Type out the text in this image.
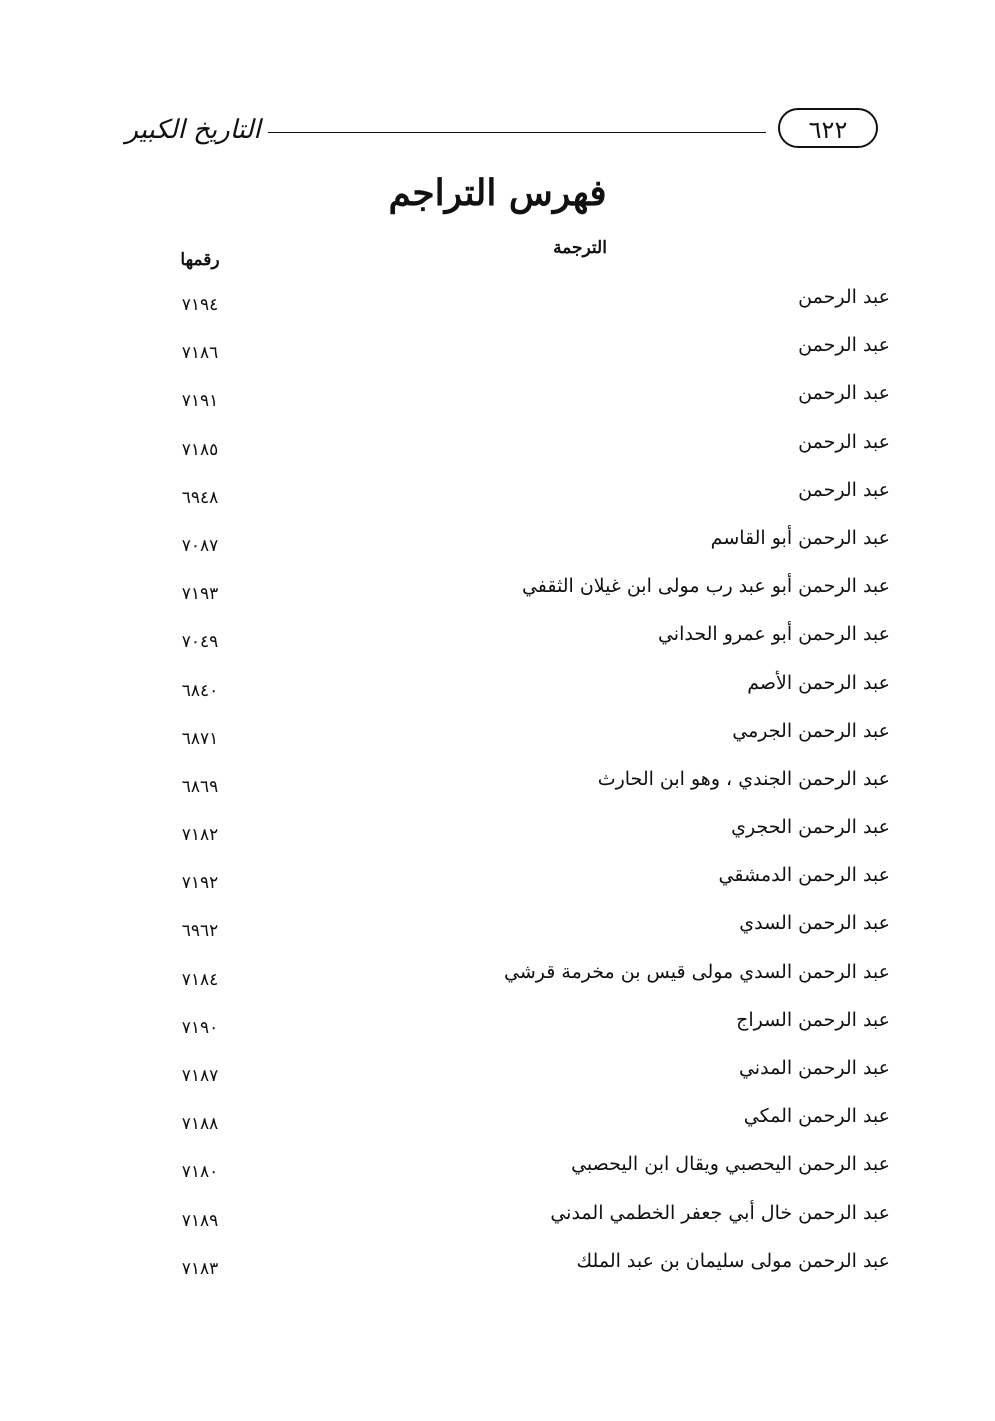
التاريخ الكبير	٦٢٢
فهرس التراجم
الترجمة
رقمها
عبد الرحمن
٧١٩٤
عبد الرحمن
٧١٨٦
عبد الرحمن
٧١٩١
عبد الرحمن
٧١٨٥
عبد الرحمن
٦٩٤٨
عبد الرحمن أبو القاسم
٧٠٨٧
عبد الرحمن أبو عبد رب مولى ابن غيلان الثقفي
٧١٩٣
عبد الرحمن أبو عمرو الحداني
٧٠٤٩
عبد الرحمن الأصم
٦٨٤٠
عبد الرحمن الجرمي
٦٨٧١
عبد الرحمن الجندي ، وهو ابن الحارث
٦٨٦٩
عبد الرحمن الحجري
٧١٨٢
عبد الرحمن الدمشقي
٧١٩٢
عبد الرحمن السدي
٦٩٦٢
عبد الرحمن السدي مولى قيس بن مخرمة قرشي
٧١٨٤
عبد الرحمن السراج
٧١٩٠
عبد الرحمن المدني
٧١٨٧
عبد الرحمن المكي
٧١٨٨
عبد الرحمن اليحصبي ويقال ابن اليحصبي
٧١٨٠
عبد الرحمن خال أبي جعفر الخطمي المدني
٧١٨٩
عبد الرحمن مولى سليمان بن عبد الملك
٧١٨٣
